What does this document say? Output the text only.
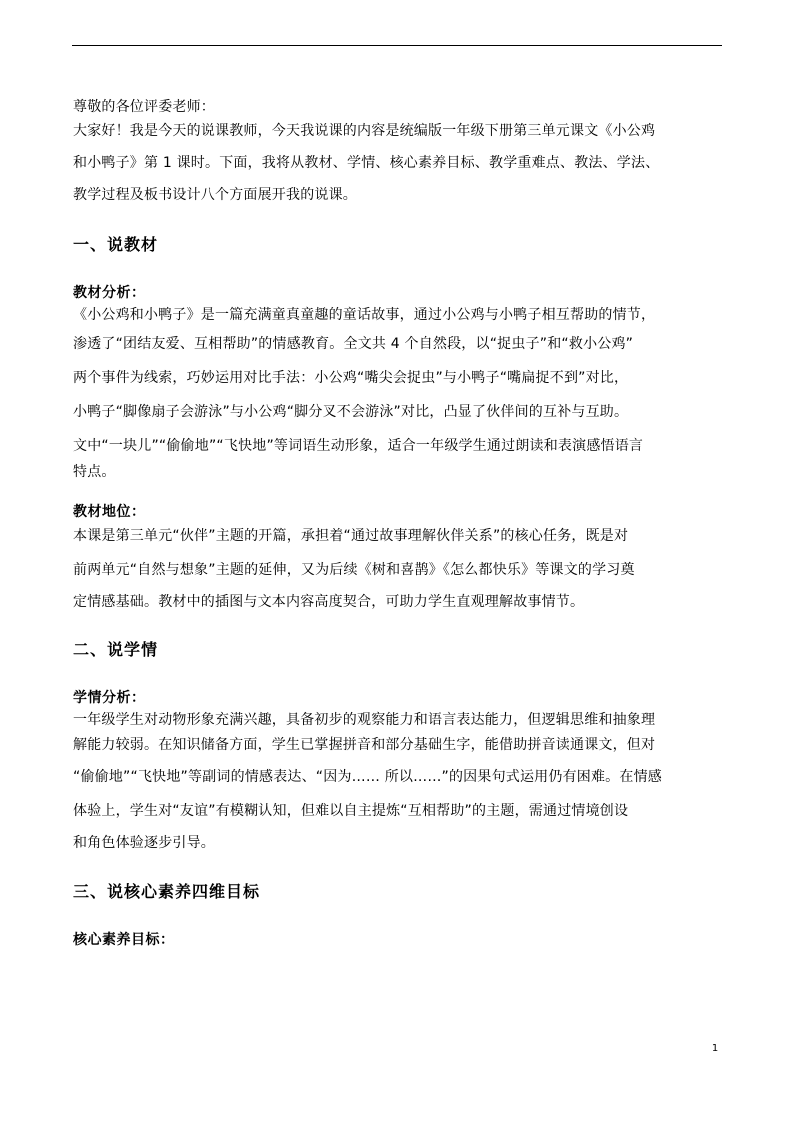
尊敬的各位评委老师：

大家好！我是今天的说课教师，今天我说课的内容是统编版一年级下册第三单元课文《小公鸡

和小鸭子》第 1 课时。下面，我将从教材、学情、核心素养目标、教学重难点、教法、学法、

教学过程及板书设计八个方面展开我的说课。

一、说教材

教材分析：

《小公鸡和小鸭子》是一篇充满童真童趣的童话故事，通过小公鸡与小鸭子相互帮助的情节，

渗透了“团结友爱、互相帮助”的情感教育。全文共 4 个自然段，以“捉虫子”和“救小公鸡”

两个事件为线索，巧妙运用对比手法：小公鸡“嘴尖会捉虫”与小鸭子“嘴扁捉不到”对比，

小鸭子“脚像扇子会游泳”与小公鸡“脚分叉不会游泳”对比，凸显了伙伴间的互补与互助。

文中“一块儿”“偷偷地”“飞快地”等词语生动形象，适合一年级学生通过朗读和表演感悟语言

特点。

教材地位：

本课是第三单元“伙伴”主题的开篇，承担着“通过故事理解伙伴关系”的核心任务，既是对

前两单元“自然与想象”主题的延伸，又为后续《树和喜鹊》《怎么都快乐》等课文的学习奠

定情感基础。教材中的插图与文本内容高度契合，可助力学生直观理解故事情节。

二、说学情

学情分析：

一年级学生对动物形象充满兴趣，具备初步的观察能力和语言表达能力，但逻辑思维和抽象理

解能力较弱。在知识储备方面，学生已掌握拼音和部分基础生字，能借助拼音读通课文，但对

“偷偷地”“飞快地”等副词的情感表达、“因为…… 所以……”的因果句式运用仍有困难。在情感

体验上，学生对“友谊”有模糊认知，但难以自主提炼“互相帮助”的主题，需通过情境创设

和角色体验逐步引导。

三、说核心素养四维目标

核心素养目标：

1
